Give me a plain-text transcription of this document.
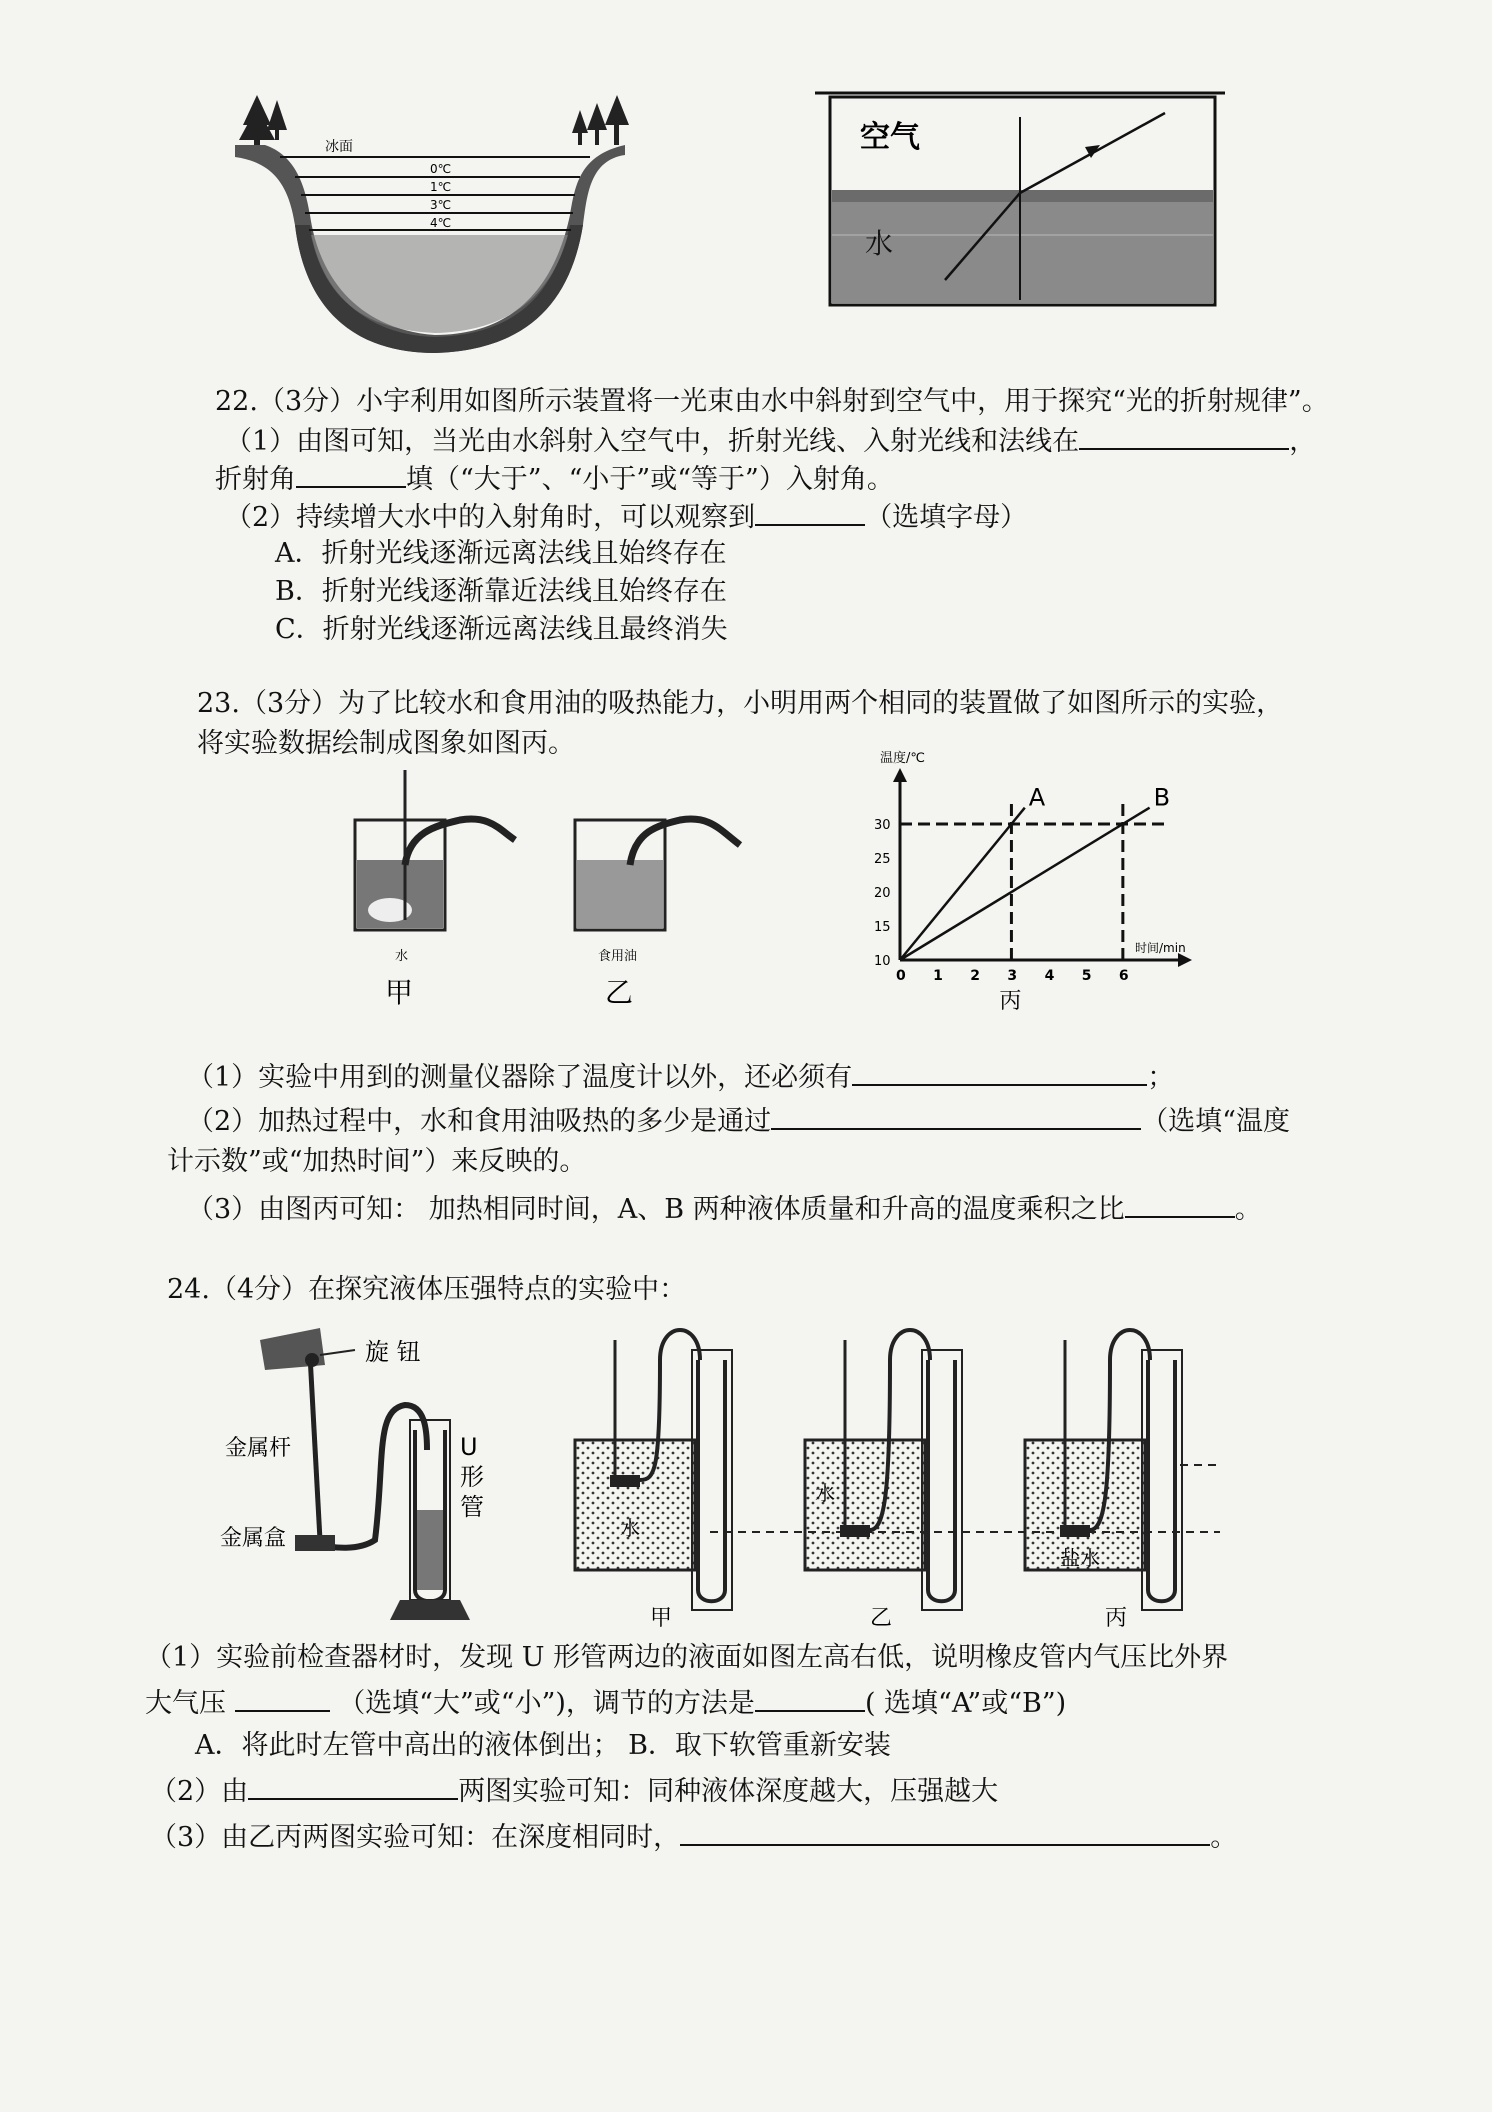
冰面
0℃
1℃
3℃
4℃
空气
水
22.（3分）小宇利用如图所示装置将一光束由水中斜射到空气中，用于探究“光的折射规律”。
（1）由图可知，当光由水斜射入空气中，折射光线、入射光线和法线在	，
折射角	填（“大于”、“小于”或“等于”）入射角。
（2）持续增大水中的入射角时，可以观察到	（选填字母）
A．折射光线逐渐远离法线且始终存在
B．折射光线逐渐靠近法线且始终存在
C．折射光线逐渐远离法线且最终消失
23.（3分）为了比较水和食用油的吸热能力，小明用两个相同的装置做了如图所示的实验，
将实验数据绘制成图象如图丙。
水
甲
食用油
乙
温度/℃
时间/min
0 1 2 3 4 5 6
10
15
20
25
30
A	B
丙
（1）实验中用到的测量仪器除了温度计以外，还必须有	；
（2）加热过程中，水和食用油吸热的多少是通过	（选填“温度
计示数”或“加热时间”）来反映的。
（3）由图丙可知： 加热相同时间，A、B 两种液体质量和升高的温度乘积之比	。
24.（4分）在探究液体压强特点的实验中：
旋 钮
金属杆
金属盒
U
形
管
水
甲
水
乙
盐水
丙
（1）实验前检查器材时，发现 U 形管两边的液面如图左高右低，说明橡皮管内气压比外界
大气压	（选填“大”或“小”)，调节的方法是	( 选填“A”或“B”)
A．将此时左管中高出的液体倒出； B．取下软管重新安装
（2）由	两图实验可知：同种液体深度越大，压强越大
（3）由乙丙两图实验可知：在深度相同时，	。
